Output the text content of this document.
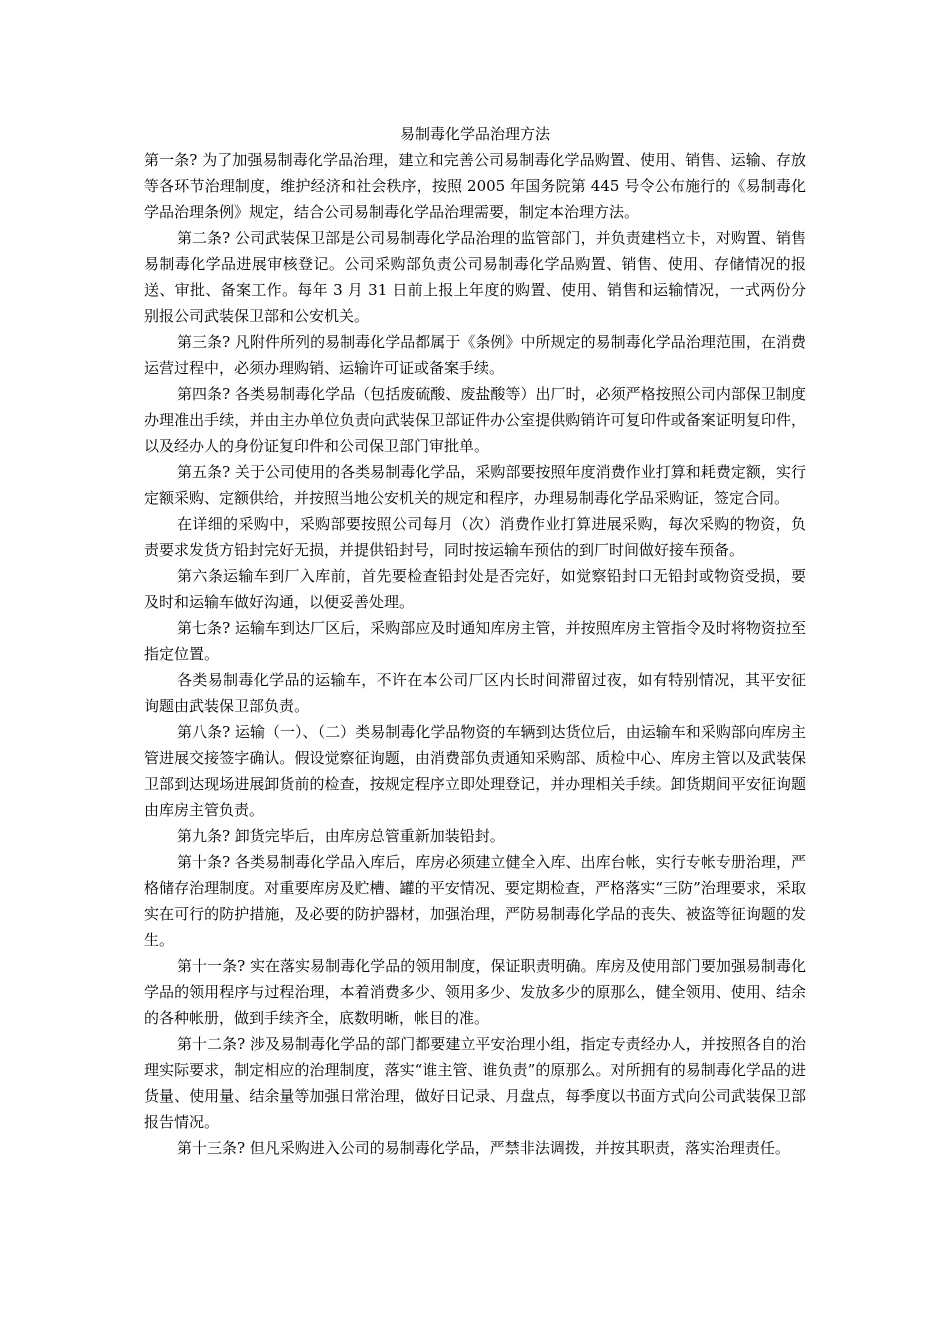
易制毒化学品治理方法

第一条? 为了加强易制毒化学品治理，建立和完善公司易制毒化学品购置、使用、销售、运输、存放等各环节治理制度，维护经济和社会秩序，按照 2005 年国务院第 445 号令公布施行的《易制毒化学品治理条例》规定，结合公司易制毒化学品治理需要，制定本治理方法。

第二条? 公司武装保卫部是公司易制毒化学品治理的监管部门，并负责建档立卡，对购置、销售易制毒化学品进展审核登记。公司采购部负责公司易制毒化学品购置、销售、使用、存储情况的报送、审批、备案工作。每年 3 月 31 日前上报上年度的购置、使用、销售和运输情况，一式两份分别报公司武装保卫部和公安机关。

第三条? 凡附件所列的易制毒化学品都属于《条例》中所规定的易制毒化学品治理范围，在消费运营过程中，必须办理购销、运输许可证或备案手续。

第四条? 各类易制毒化学品（包括废硫酸、废盐酸等）出厂时，必须严格按照公司内部保卫制度办理准出手续，并由主办单位负责向武装保卫部证件办公室提供购销许可复印件或备案证明复印件，以及经办人的身份证复印件和公司保卫部门审批单。

第五条? 关于公司使用的各类易制毒化学品，采购部要按照年度消费作业打算和耗费定额，实行定额采购、定额供给，并按照当地公安机关的规定和程序，办理易制毒化学品采购证，签定合同。

在详细的采购中，采购部要按照公司每月（次）消费作业打算进展采购，每次采购的物资，负责要求发货方铅封完好无损，并提供铅封号，同时按运输车预估的到厂时间做好接车预备。

第六条运输车到厂入库前，首先要检查铅封处是否完好，如觉察铅封口无铅封或物资受损，要及时和运输车做好沟通，以便妥善处理。

第七条? 运输车到达厂区后，采购部应及时通知库房主管，并按照库房主管指令及时将物资拉至指定位置。

各类易制毒化学品的运输车，不许在本公司厂区内长时间滞留过夜，如有特别情况，其平安征询题由武装保卫部负责。

第八条? 运输（一）、（二）类易制毒化学品物资的车辆到达货位后，由运输车和采购部向库房主管进展交接签字确认。假设觉察征询题，由消费部负责通知采购部、质检中心、库房主管以及武装保卫部到达现场进展卸货前的检查，按规定程序立即处理登记，并办理相关手续。卸货期间平安征询题由库房主管负责。

第九条? 卸货完毕后，由库房总管重新加装铅封。

第十条? 各类易制毒化学品入库后，库房必须建立健全入库、出库台帐，实行专帐专册治理，严格储存治理制度。对重要库房及贮槽、罐的平安情况、要定期检查，严格落实“三防”治理要求，采取实在可行的防护措施，及必要的防护器材，加强治理，严防易制毒化学品的丧失、被盗等征询题的发生。

第十一条? 实在落实易制毒化学品的领用制度，保证职责明确。库房及使用部门要加强易制毒化学品的领用程序与过程治理，本着消费多少、领用多少、发放多少的原那么，健全领用、使用、结余的各种帐册，做到手续齐全，底数明晰，帐目的准。

第十二条? 涉及易制毒化学品的部门都要建立平安治理小组，指定专责经办人，并按照各自的治理实际要求，制定相应的治理制度，落实“谁主管、谁负责”的原那么。对所拥有的易制毒化学品的进货量、使用量、结余量等加强日常治理，做好日记录、月盘点，每季度以书面方式向公司武装保卫部报告情况。

第十三条? 但凡采购进入公司的易制毒化学品，严禁非法调拨，并按其职责，落实治理责任。
